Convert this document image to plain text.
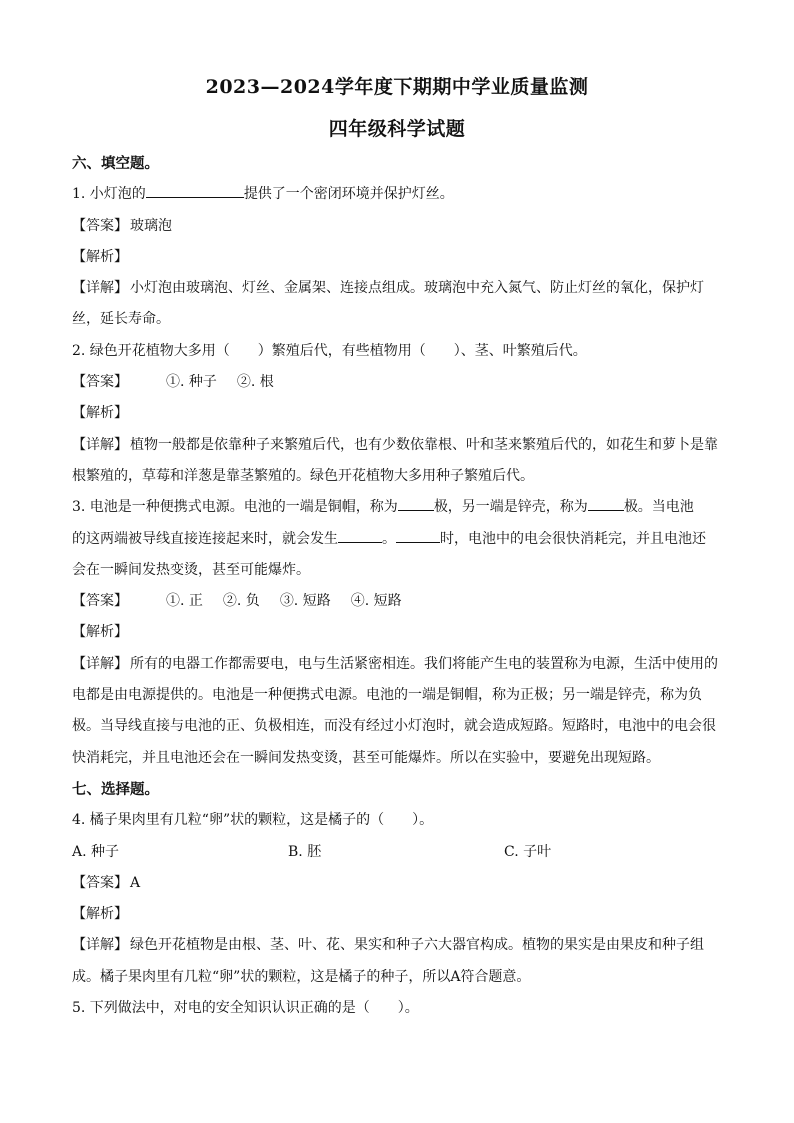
2023—2024学年度下期期中学业质量监测
四年级科学试题
六、填空题。
1. 小灯泡的	提供了一个密闭环境并保护灯丝。
【答案】 玻璃泡
【解析】
【详解】 小灯泡由玻璃泡、灯丝、金属架、连接点组成。玻璃泡中充入氮气、防止灯丝的氧化，保护灯
丝，延长寿命。
2. 绿色开花植物大多用（　　）繁殖后代，有些植物用（　　）、茎、叶繁殖后代。
【答案】	①. 种子 ②. 根
【解析】
【详解】 植物一般都是依靠种子来繁殖后代，也有少数依靠根、叶和茎来繁殖后代的，如花生和萝卜是靠
根繁殖的，草莓和洋葱是靠茎繁殖的。绿色开花植物大多用种子繁殖后代。
3. 电池是一种便携式电源。电池的一端是铜帽，称为	极，另一端是锌壳，称为	极。当电池
的这两端被导线直接连接起来时，就会发生	。	时，电池中的电会很快消耗完，并且电池还
会在一瞬间发热变烫，甚至可能爆炸。
【答案】	①. 正 ②. 负 ③. 短路 ④. 短路
【解析】
【详解】 所有的电器工作都需要电，电与生活紧密相连。我们将能产生电的装置称为电源，生活中使用的
电都是由电源提供的。电池是一种便携式电源。电池的一端是铜帽，称为正极；另一端是锌壳，称为负
极。当导线直接与电池的正、负极相连，而没有经过小灯泡时，就会造成短路。短路时，电池中的电会很
快消耗完，并且电池还会在一瞬间发热变烫，甚至可能爆炸。所以在实验中，要避免出现短路。
七、选择题。
4. 橘子果肉里有几粒“卵”状的颗粒，这是橘子的（　　）。
A. 种子	B. 胚	C. 子叶
【答案】 A
【解析】
【详解】 绿色开花植物是由根、茎、叶、花、果实和种子六大器官构成。植物的果实是由果皮和种子组
成。橘子果肉里有几粒“卵”状的颗粒，这是橘子的种子，所以A符合题意。
5. 下列做法中，对电的安全知识认识正确的是（　　）。
